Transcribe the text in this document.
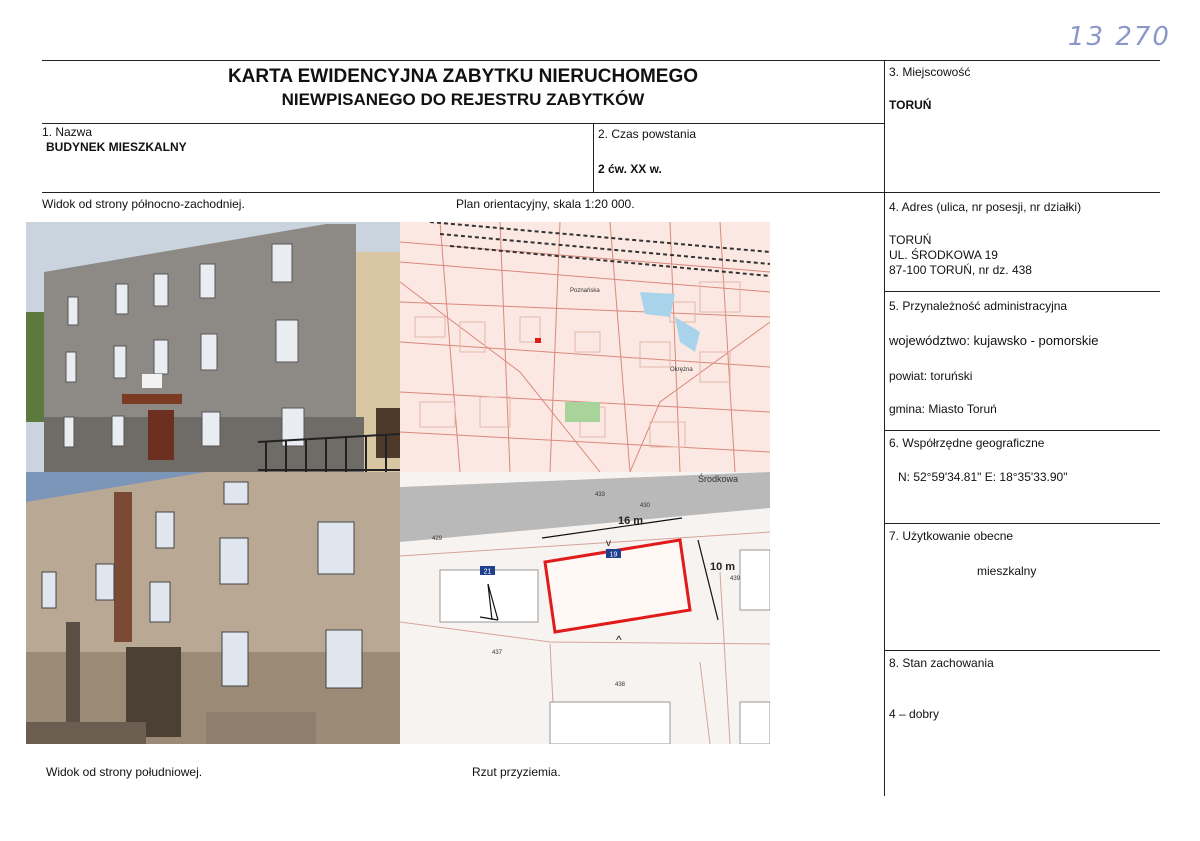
13 270
KARTA EWIDENCYJNA ZABYTKU NIERUCHOMEGO
NIEWPISANEGO DO REJESTRU ZABYTKÓW
1. Nazwa
BUDYNEK MIESZKALNY
2. Czas powstania
2 ćw. XX w.
3. Miejscowość
TORUŃ
4. Adres (ulica, nr posesji, nr działki)
TORUŃ
UL. ŚRODKOWA 19
87-100 TORUŃ, nr dz. 438
5. Przynależność administracyjna
województwo: kujawsko - pomorskie
powiat: toruński
gmina: Miasto Toruń
6. Współrzędne geograficzne
N: 52°59'34.81" E: 18°35'33.90"
7. Użytkowanie obecne
mieszkalny
8. Stan zachowania
4 – dobry
Widok od strony północno-zachodniej.	Plan orientacyjny, skala 1:20 000.
Widok od strony południowej.	Rzut przyziemia.
Poznańska
Okrężna
21
19
Środkowa
16 m
10 m
433
430
429
439
437
438
v
^
